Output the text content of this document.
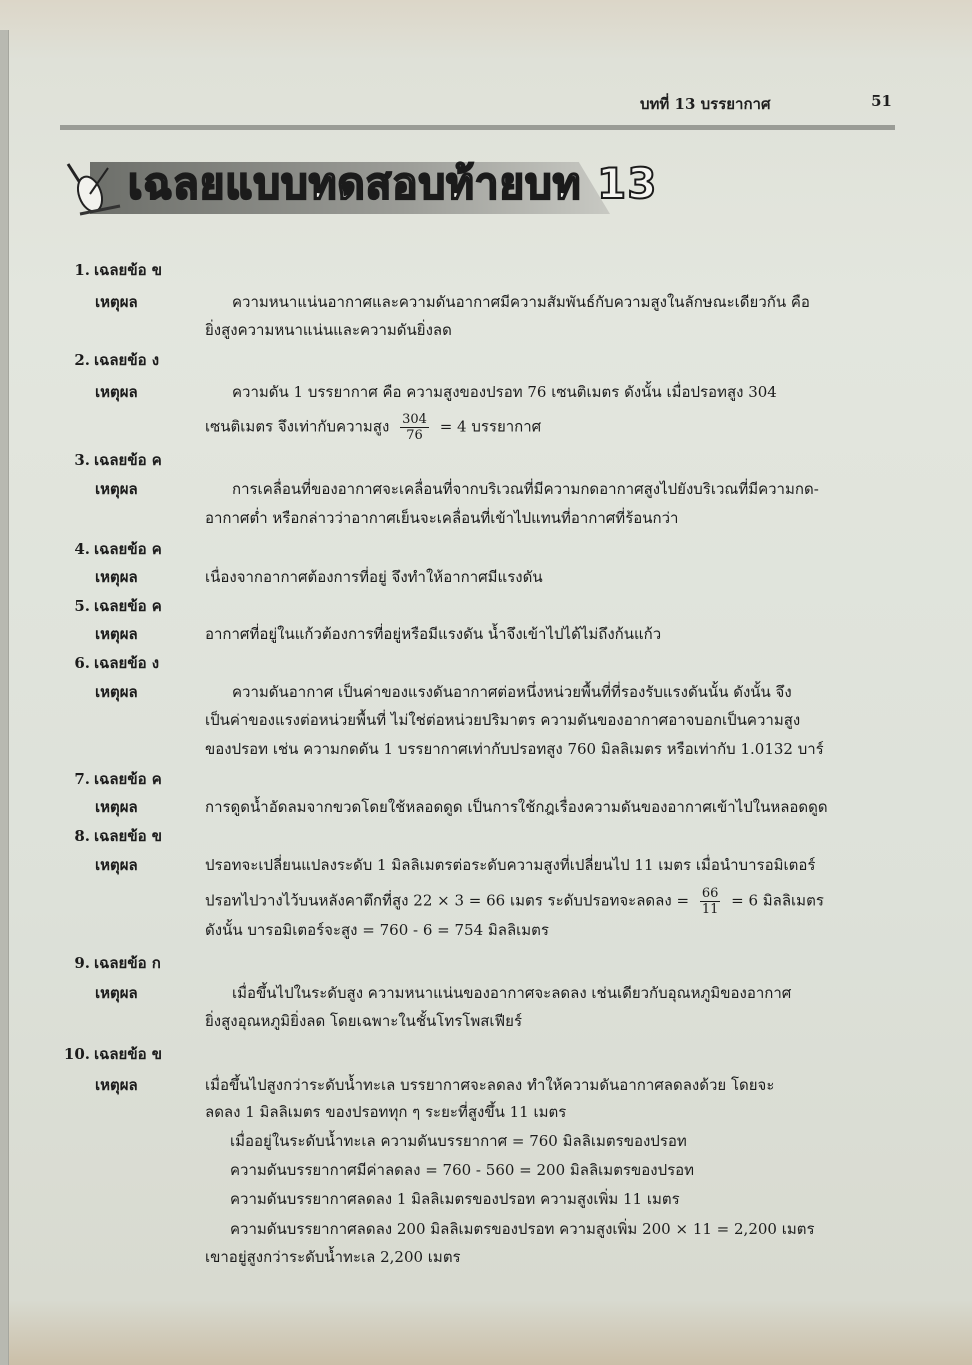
บทที่ 13 บรรยากาศ	51
เฉลยแบบทดสอบท้ายบท 13
1. เฉลยข้อ ข
เหตุผล	ความหนาแน่นอากาศและความดันอากาศมีความสัมพันธ์กับความสูงในลักษณะเดียวกัน คือ
ยิ่งสูงความหนาแน่นและความดันยิ่งลด
2. เฉลยข้อ ง
เหตุผล	ความดัน 1 บรรยากาศ คือ ความสูงของปรอท 76 เซนติเมตร ดังนั้น เมื่อปรอทสูง 304
เซนติเมตร จึงเท่ากับความสูง $\frac{304}{76} = 4$ บรรยากาศ
3. เฉลยข้อ ค
เหตุผล	การเคลื่อนที่ของอากาศจะเคลื่อนที่จากบริเวณที่มีความกดอากาศสูงไปยังบริเวณที่มีความกด-
อากาศต่ำ หรือกล่าวว่าอากาศเย็นจะเคลื่อนที่เข้าไปแทนที่อากาศที่ร้อนกว่า
4. เฉลยข้อ ค
เหตุผล	เนื่องจากอากาศต้องการที่อยู่ จึงทำให้อากาศมีแรงดัน
5. เฉลยข้อ ค
เหตุผล	อากาศที่อยู่ในแก้วต้องการที่อยู่หรือมีแรงดัน น้ำจึงเข้าไปได้ไม่ถึงก้นแก้ว
6. เฉลยข้อ ง
เหตุผล	ความดันอากาศ เป็นค่าของแรงดันอากาศต่อหนึ่งหน่วยพื้นที่ที่รองรับแรงดันนั้น ดังนั้น จึง
เป็นค่าของแรงต่อหน่วยพื้นที่ ไม่ใช่ต่อหน่วยปริมาตร ความดันของอากาศอาจบอกเป็นความสูง
ของปรอท เช่น ความกดดัน 1 บรรยากาศเท่ากับปรอทสูง 760 มิลลิเมตร หรือเท่ากับ 1.0132 บาร์
7. เฉลยข้อ ค
เหตุผล	การดูดน้ำอัดลมจากขวดโดยใช้หลอดดูด เป็นการใช้กฎเรื่องความดันของอากาศเข้าไปในหลอดดูด
8. เฉลยข้อ ข
เหตุผล	ปรอทจะเปลี่ยนแปลงระดับ 1 มิลลิเมตรต่อระดับความสูงที่เปลี่ยนไป 11 เมตร เมื่อนำบารอมิเตอร์
ปรอทไปวางไว้บนหลังคาตึกที่สูง 22 × 3 = 66 เมตร ระดับปรอทจะลดลง = $\frac{66}{11} = 6$ มิลลิเมตร
ดังนั้น บารอมิเตอร์จะสูง = 760 - 6 = 754 มิลลิเมตร
9. เฉลยข้อ ก
เหตุผล	เมื่อขึ้นไปในระดับสูง ความหนาแน่นของอากาศจะลดลง เช่นเดียวกับอุณหภูมิของอากาศ
ยิ่งสูงอุณหภูมิยิ่งลด โดยเฉพาะในชั้นโทรโพสเฟียร์
10. เฉลยข้อ ข
เหตุผล	เมื่อขึ้นไปสูงกว่าระดับน้ำทะเล บรรยากาศจะลดลง ทำให้ความดันอากาศลดลงด้วย โดยจะ
ลดลง 1 มิลลิเมตร ของปรอททุก ๆ ระยะที่สูงขึ้น 11 เมตร
เมื่ออยู่ในระดับน้ำทะเล ความดันบรรยากาศ = 760 มิลลิเมตรของปรอท
ความดันบรรยากาศมีค่าลดลง = 760 - 560 = 200 มิลลิเมตรของปรอท
ความดันบรรยากาศลดลง 1 มิลลิเมตรของปรอท ความสูงเพิ่ม 11 เมตร
ความดันบรรยากาศลดลง 200 มิลลิเมตรของปรอท ความสูงเพิ่ม 200 × 11 = 2,200 เมตร
เขาอยู่สูงกว่าระดับน้ำทะเล 2,200 เมตร
